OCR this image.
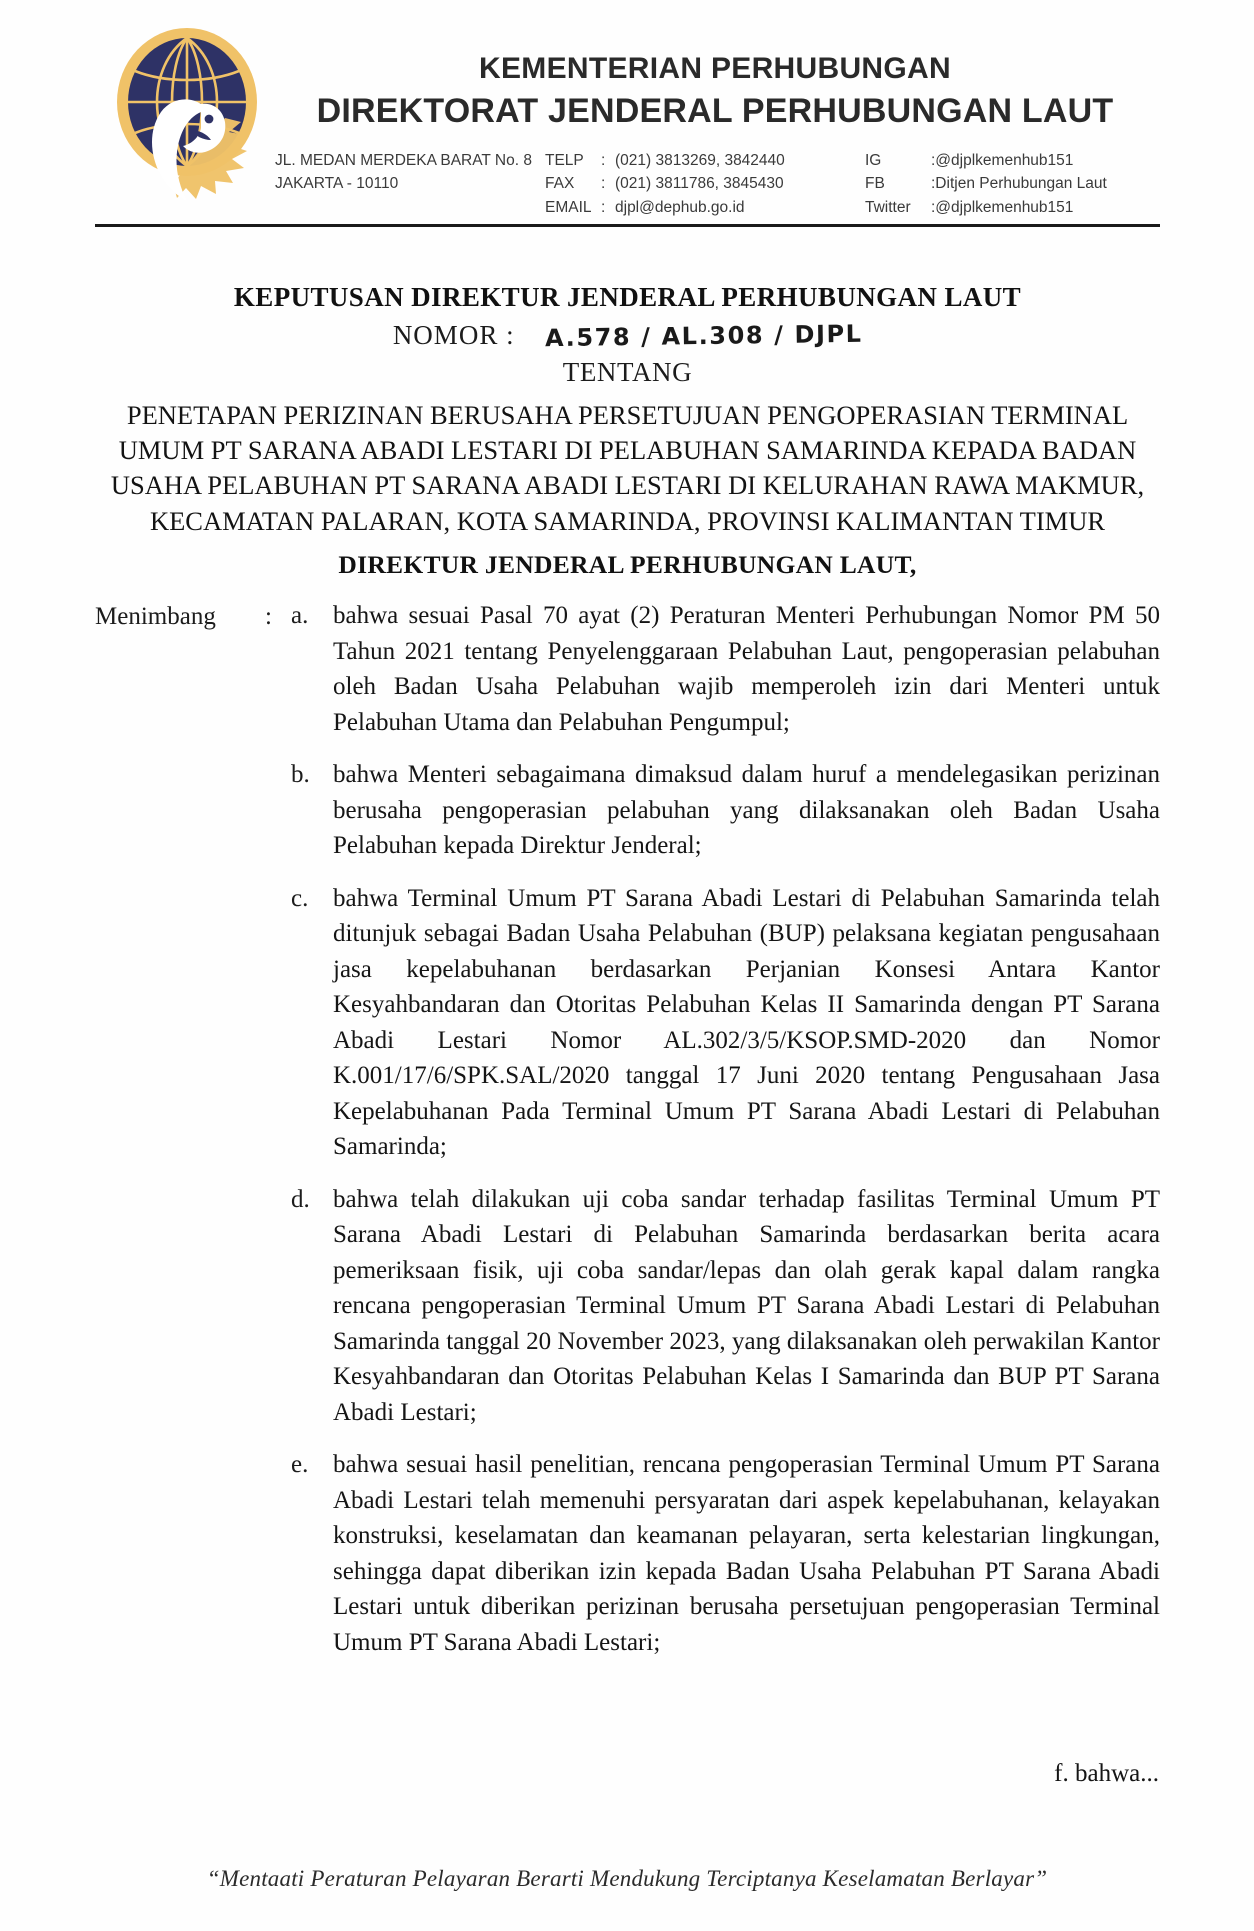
KEMENTERIAN PERHUBUNGAN
DIREKTORAT JENDERAL PERHUBUNGAN LAUT
JL. MEDAN MERDEKA BARAT No. 8	TELP	:	(021) 3813269, 3842440	IG	:@djplkemenhub151
JAKARTA - 10110	FAX	:	(021) 3811786, 3845430	FB	:Ditjen Perhubungan Laut
	EMAIL	:	djpl@dephub.go.id	Twitter	:@djplkemenhub151
KEPUTUSAN DIREKTUR JENDERAL PERHUBUNGAN LAUT
NOMOR : A.578 / AL.308 / DJPL
TENTANG
PENETAPAN PERIZINAN BERUSAHA PERSETUJUAN PENGOPERASIAN TERMINAL
UMUM PT SARANA ABADI LESTARI DI PELABUHAN SAMARINDA KEPADA BADAN
USAHA PELABUHAN PT SARANA ABADI LESTARI DI KELURAHAN RAWA MAKMUR,
KECAMATAN PALARAN, KOTA SAMARINDA, PROVINSI KALIMANTAN TIMUR
DIREKTUR JENDERAL PERHUBUNGAN LAUT,
Menimbang	: a. bahwa sesuai Pasal 70 ayat (2) Peraturan Menteri Perhubungan Nomor PM 50 Tahun 2021 tentang Penyelenggaraan Pelabuhan Laut, pengoperasian pelabuhan oleh Badan Usaha Pelabuhan wajib memperoleh izin dari Menteri untuk Pelabuhan Utama dan Pelabuhan Pengumpul;
b. bahwa Menteri sebagaimana dimaksud dalam huruf a mendelegasikan perizinan berusaha pengoperasian pelabuhan yang dilaksanakan oleh Badan Usaha Pelabuhan kepada Direktur Jenderal;
c. bahwa Terminal Umum PT Sarana Abadi Lestari di Pelabuhan Samarinda telah ditunjuk sebagai Badan Usaha Pelabuhan (BUP) pelaksana kegiatan pengusahaan jasa kepelabuhanan berdasarkan Perjanian Konsesi Antara Kantor Kesyahbandaran dan Otoritas Pelabuhan Kelas II Samarinda dengan PT Sarana Abadi Lestari Nomor AL.302/3/5/KSOP.SMD-2020 dan Nomor K.001/17/6/SPK.SAL/2020 tanggal 17 Juni 2020 tentang Pengusahaan Jasa Kepelabuhanan Pada Terminal Umum PT Sarana Abadi Lestari di Pelabuhan Samarinda;
d. bahwa telah dilakukan uji coba sandar terhadap fasilitas Terminal Umum PT Sarana Abadi Lestari di Pelabuhan Samarinda berdasarkan berita acara pemeriksaan fisik, uji coba sandar/lepas dan olah gerak kapal dalam rangka rencana pengoperasian Terminal Umum PT Sarana Abadi Lestari di Pelabuhan Samarinda tanggal 20 November 2023, yang dilaksanakan oleh perwakilan Kantor Kesyahbandaran dan Otoritas Pelabuhan Kelas I Samarinda dan BUP PT Sarana Abadi Lestari;
e. bahwa sesuai hasil penelitian, rencana pengoperasian Terminal Umum PT Sarana Abadi Lestari telah memenuhi persyaratan dari aspek kepelabuhanan, kelayakan konstruksi, keselamatan dan keamanan pelayaran, serta kelestarian lingkungan, sehingga dapat diberikan izin kepada Badan Usaha Pelabuhan PT Sarana Abadi Lestari untuk diberikan perizinan berusaha persetujuan pengoperasian Terminal Umum PT Sarana Abadi Lestari;
f. bahwa...
“Mentaati Peraturan Pelayaran Berarti Mendukung Terciptanya Keselamatan Berlayar”
